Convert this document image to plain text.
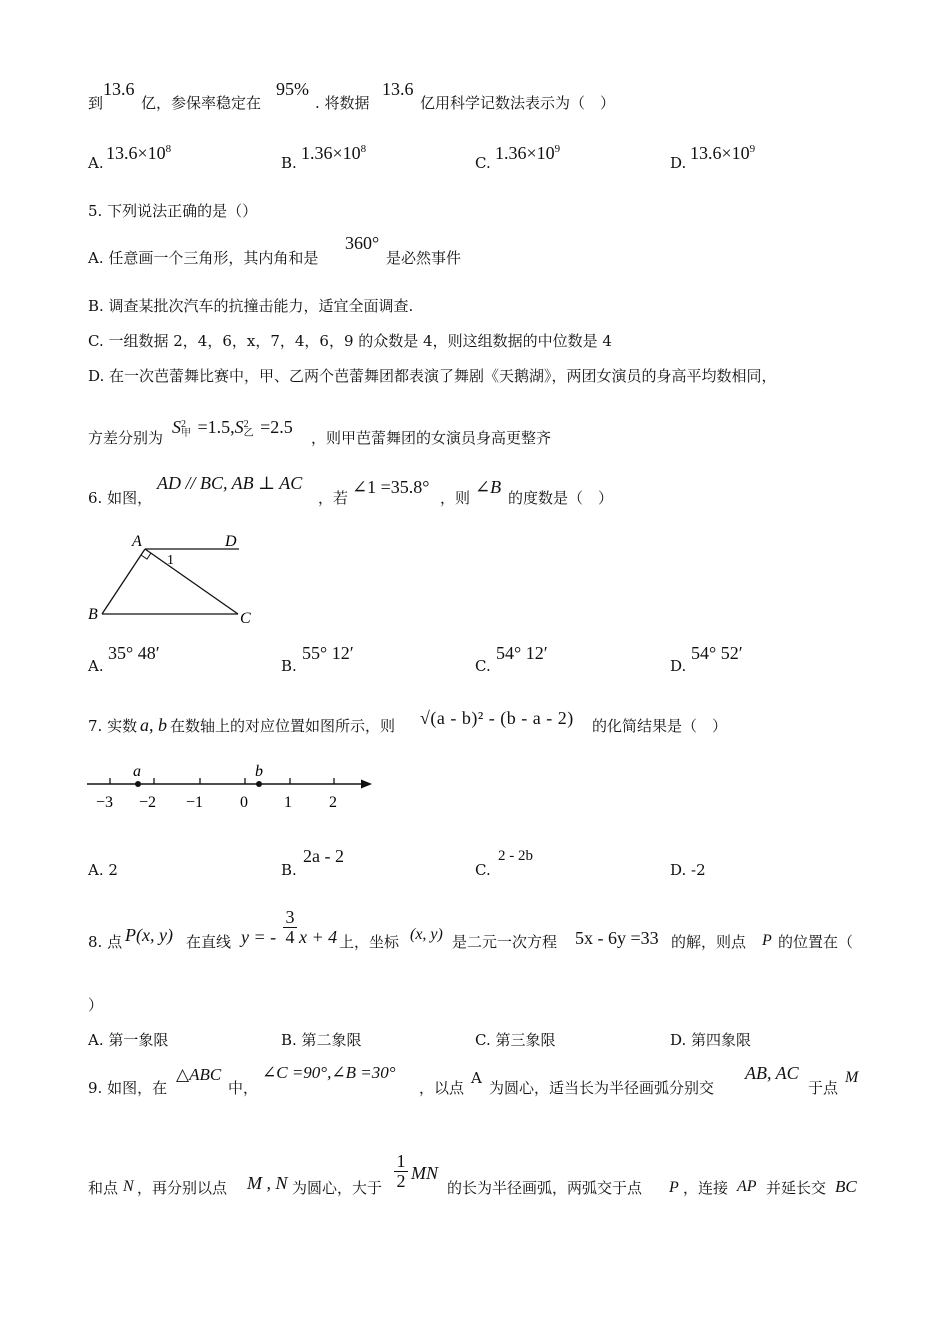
到
13.6
亿，参保率稳定在
95%
. 将数据
13.6
亿用科学记数法表示为（　）
A. $13.6\times 10^8$
B. $1.36\times 10^8$
C. $1.36\times 10^9$
D. $13.6\times 10^9$
5. 下列说法正确的是（）
A. 任意画一个三角形，其内角和是
360°
是必然事件
B. 调查某批次汽车的抗撞击能力，适宜全面调查.
C. 一组数据 2，4，6，x，7，4，6，9 的众数是 4，则这组数据的中位数是 4
D. 在一次芭蕾舞比赛中，甲、乙两个芭蕾舞团都表演了舞剧《天鹅湖》，两团女演员的身高平均数相同，
方差分别为
S 2
甲 =1.5,S 2
乙 =2.5
，则甲芭蕾舞团的女演员身高更整齐
6. 如图，
AD // BC, AB ⊥ AC
，若
∠1 =35.8°
，则
∠B
的度数是（　）
A	D
B	C
1
A.
35° 48′
B.
55° 12′
C.
54° 12′
D.
54° 52′
7. 实数 a, b 在数轴上的对应位置如图所示，则 √(a - b)² - (b - a - 2) 的化简结果是（　）
a	b
−3 −2 −1 0 1 2
A. 2	B.
2a - 2
C.
2 - 2b
D. -2
8. 点 P(x, y) 在直线 y = -
3
4 x + 4 上，坐标 (x, y) 是二元一次方程 5x - 6y =33 的解，则点 P 的位置在（
）
A. 第一象限	B. 第二象限	C. 第三象限	D. 第四象限
9. 如图，在
△ABC
中，
∠C =90°,∠B =30°
，以点
A
为圆心，适当长为半径画弧分别交
AB, AC
于点
M
和点 N ，再分别以点 M , N 为圆心，大于
1
2 MN
的长为半径画弧，两弧交于点 P ，连接 AP 并延长交 BC
